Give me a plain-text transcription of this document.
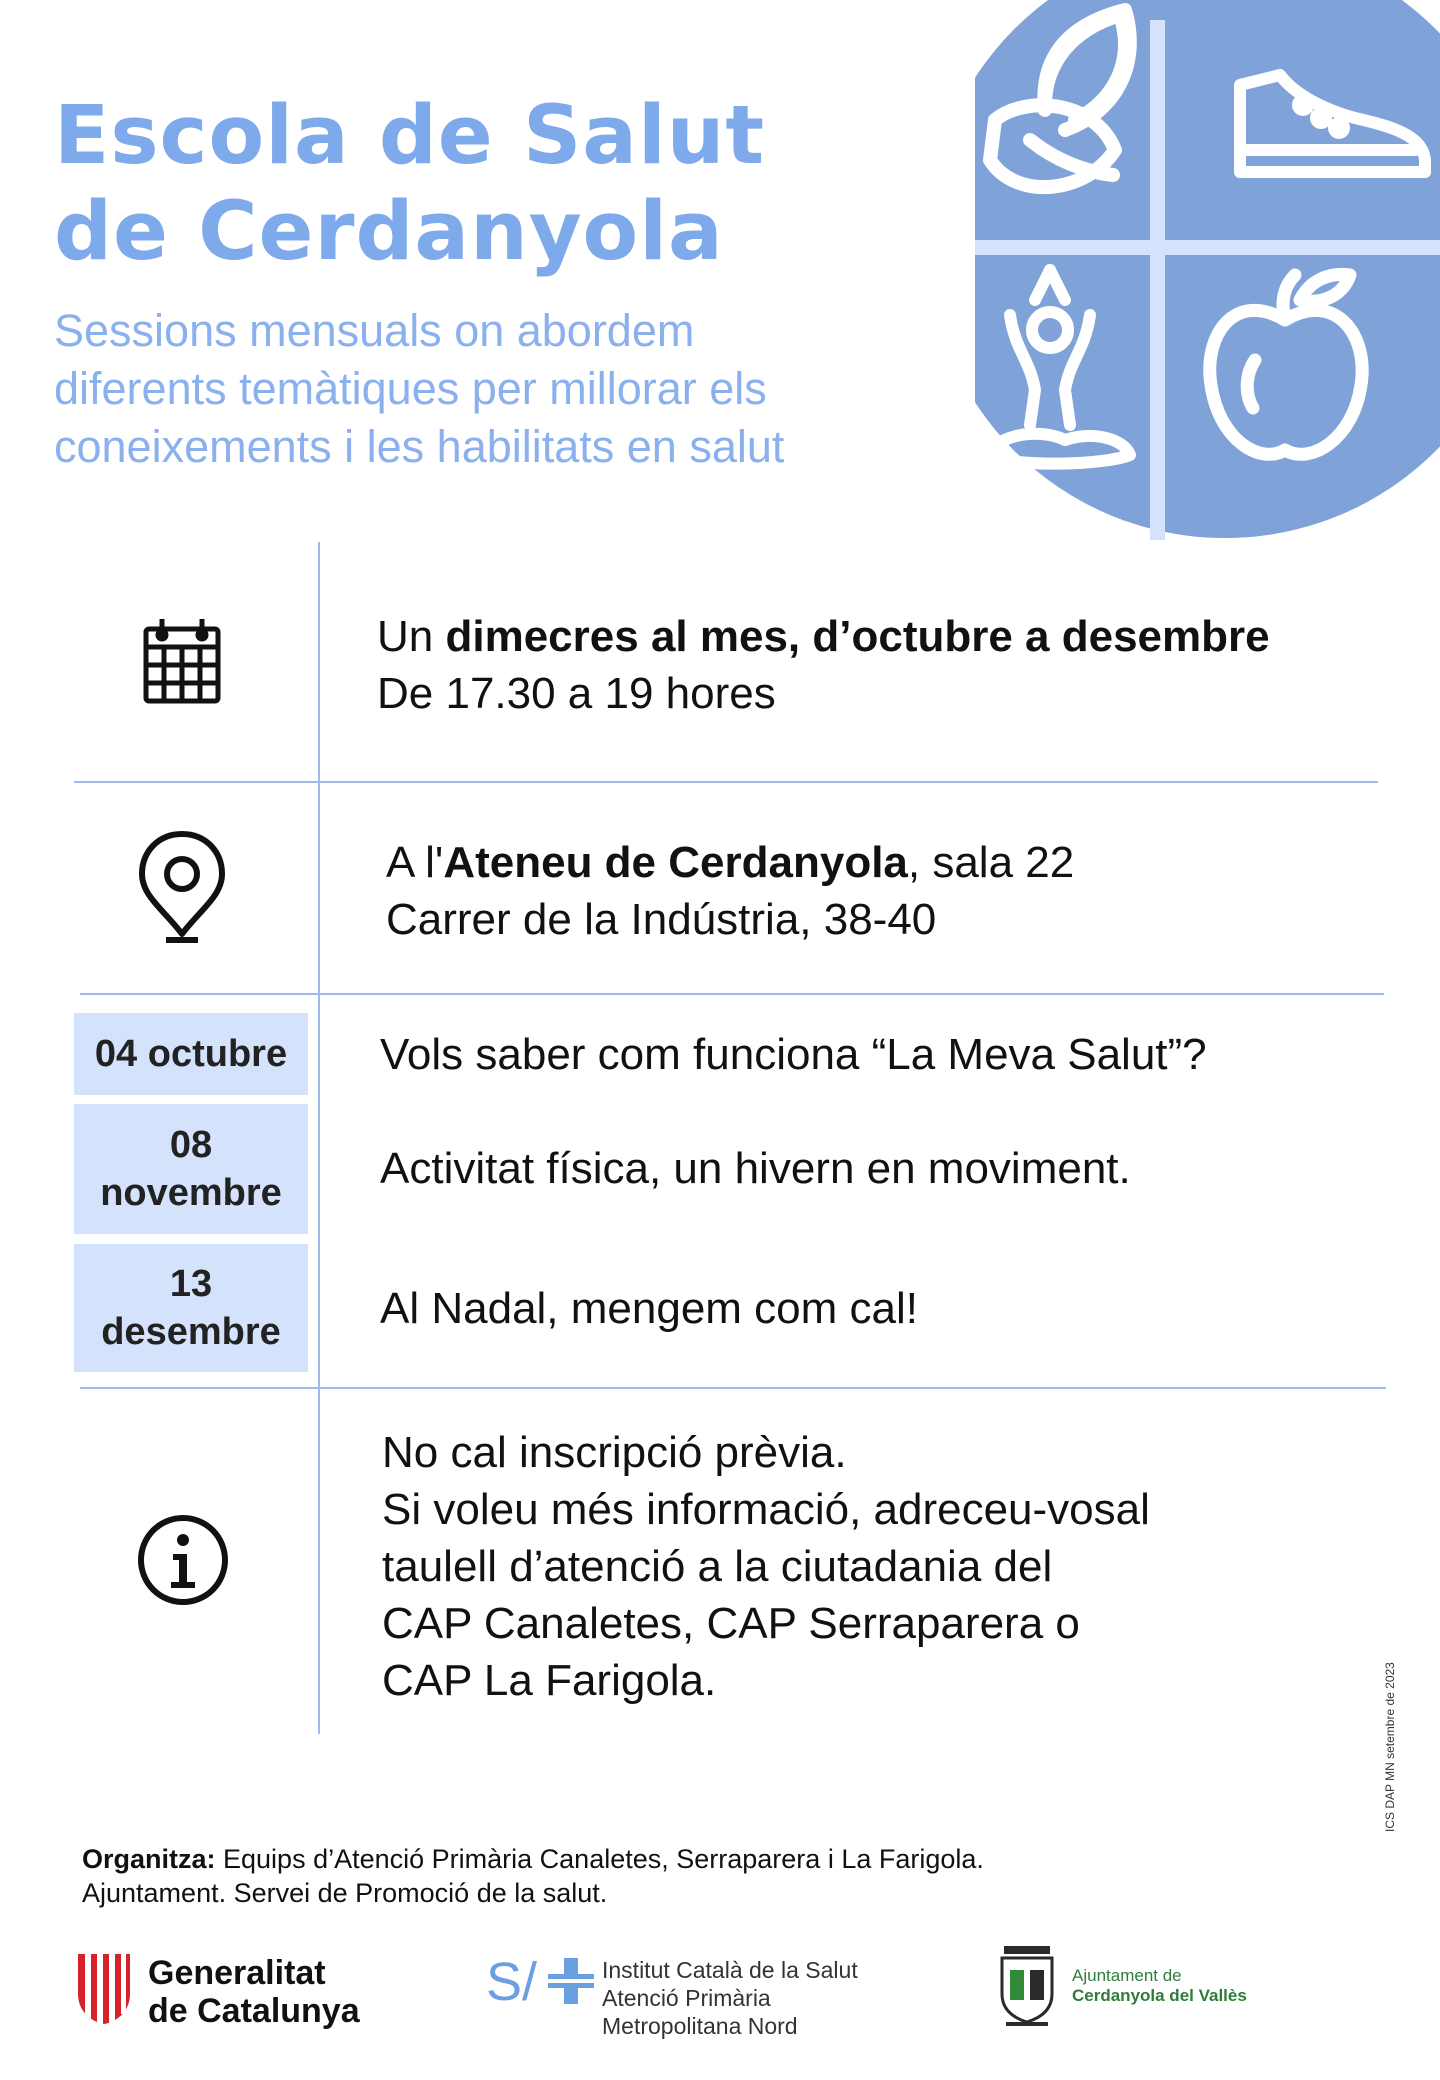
Escola de Salut
de Cerdanyola
Sessions mensuals on abordem
diferents temàtiques per millorar els
coneixements i les habilitats en salut
Un dimecres al mes, d’octubre a desembre
De 17.30 a 19 hores
A l'Ateneu de Cerdanyola, sala 22
Carrer de la Indústria, 38-40
04 octubre Vols saber com funciona “La Meva Salut”?
08
novembre Activitat física, un hivern en moviment.
13
desembre Al Nadal, mengem com cal!
No cal inscripció prèvia.
Si voleu més informació, adreceu-vosal
taulell d’atenció a la ciutadania del
CAP Canaletes, CAP Serraparera o
CAP La Farigola.	ICS DAP MN setembre de 2023
Organitza: Equips d’Atenció Primària Canaletes, Serraparera i La Farigola.
Ajuntament. Servei de Promoció de la salut.
Generalitat
de Catalunya S/	Institut Català de la Salut
Atenció Primària
Metropolitana Nord
Ajuntament de
Cerdanyola del Vallès
